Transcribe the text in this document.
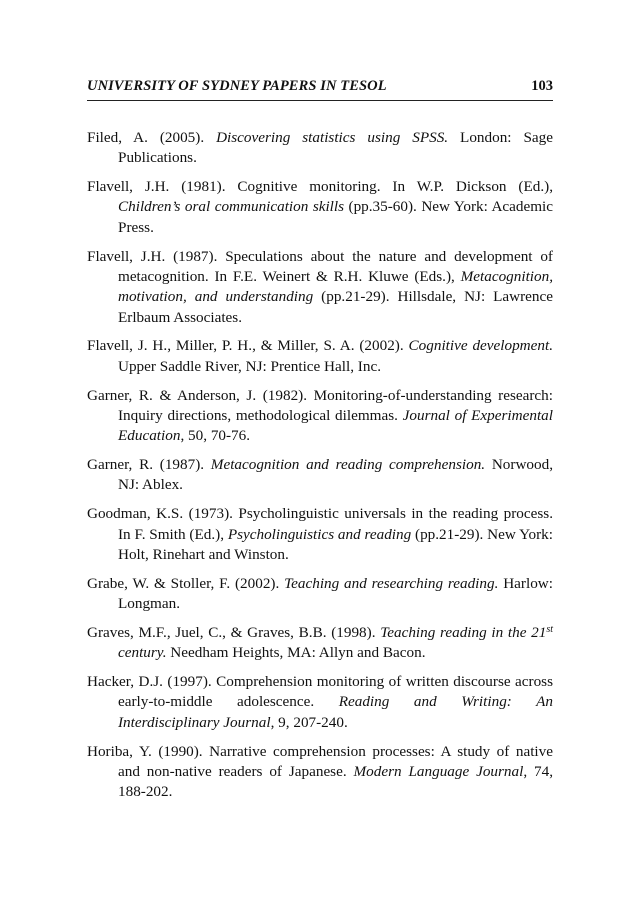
UNIVERSITY OF SYDNEY PAPERS IN TESOL	103

Filed, A. (2005). Discovering statistics using SPSS. London: Sage Publications.

Flavell, J.H. (1981). Cognitive monitoring. In W.P. Dickson (Ed.), Children’s oral communication skills (pp.35-60). New York: Academic Press.

Flavell, J.H. (1987). Speculations about the nature and development of metacognition. In F.E. Weinert & R.H. Kluwe (Eds.), Metacognition, motivation, and understanding (pp.21-29). Hillsdale, NJ: Lawrence Erlbaum Associates.

Flavell, J. H., Miller, P. H., & Miller, S. A. (2002). Cognitive development. Upper Saddle River, NJ: Prentice Hall, Inc.

Garner, R. & Anderson, J. (1982). Monitoring-of-understanding research: Inquiry directions, methodological dilemmas. Journal of Experimental Education, 50, 70-76.

Garner, R. (1987). Metacognition and reading comprehension. Norwood, NJ: Ablex.

Goodman, K.S. (1973). Psycholinguistic universals in the reading process. In F. Smith (Ed.), Psycholinguistics and reading (pp.21-29). New York: Holt, Rinehart and Winston.

Grabe, W. & Stoller, F. (2002). Teaching and researching reading. Harlow: Longman.

Graves, M.F., Juel, C., & Graves, B.B. (1998). Teaching reading in the 21st century. Needham Heights, MA: Allyn and Bacon.

Hacker, D.J. (1997). Comprehension monitoring of written discourse across early-to-middle adolescence. Reading and Writing: An Interdisciplinary Journal, 9, 207-240.

Horiba, Y. (1990). Narrative comprehension processes: A study of native and non-native readers of Japanese. Modern Language Journal, 74, 188-202.
